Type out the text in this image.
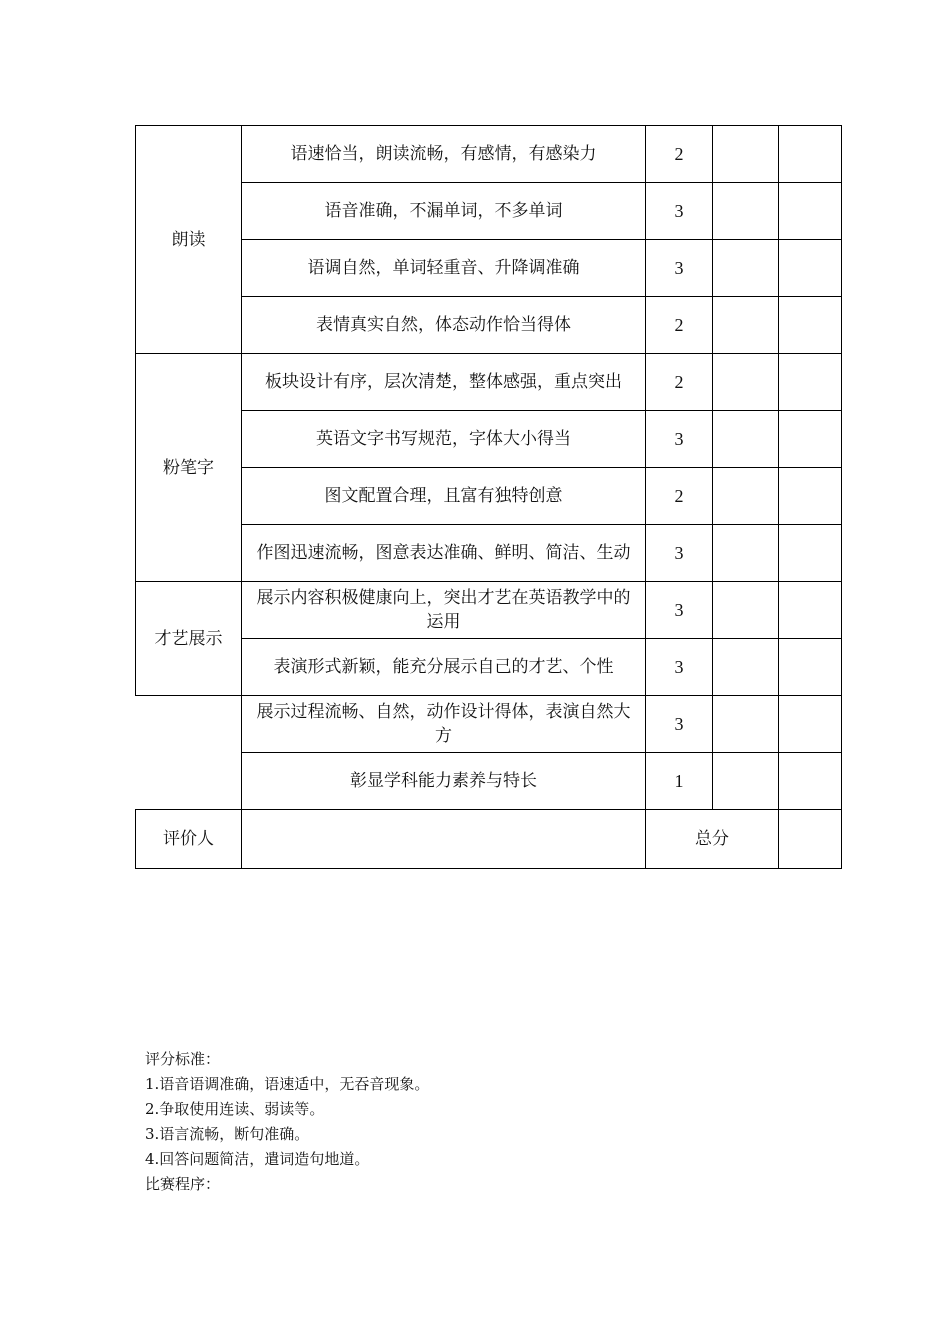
朗读	语速恰当，朗读流畅，有感情，有感染力	2		
	语音准确，不漏单词，不多单词	3		
	语调自然，单词轻重音、升降调准确	3		
	表情真实自然，体态动作恰当得体	2		
粉笔字	板块设计有序，层次清楚，整体感强，重点突出	2		
	英语文字书写规范，字体大小得当	3		
	图文配置合理，且富有独特创意	2		
	作图迅速流畅，图意表达准确、鲜明、简洁、生动	3		
才艺展示	展示内容积极健康向上，突出才艺在英语教学中的运用	3		
	表演形式新颖，能充分展示自己的才艺、个性	3		
	展示过程流畅、自然，动作设计得体，表演自然大方	3		
	彰显学科能力素养与特长	1		
评价人		总分		
评分标准：
1.语音语调准确，语速适中，无吞音现象。
2.争取使用连读、弱读等。
3.语言流畅，断句准确。
4.回答问题简洁，遣词造句地道。
比赛程序：
